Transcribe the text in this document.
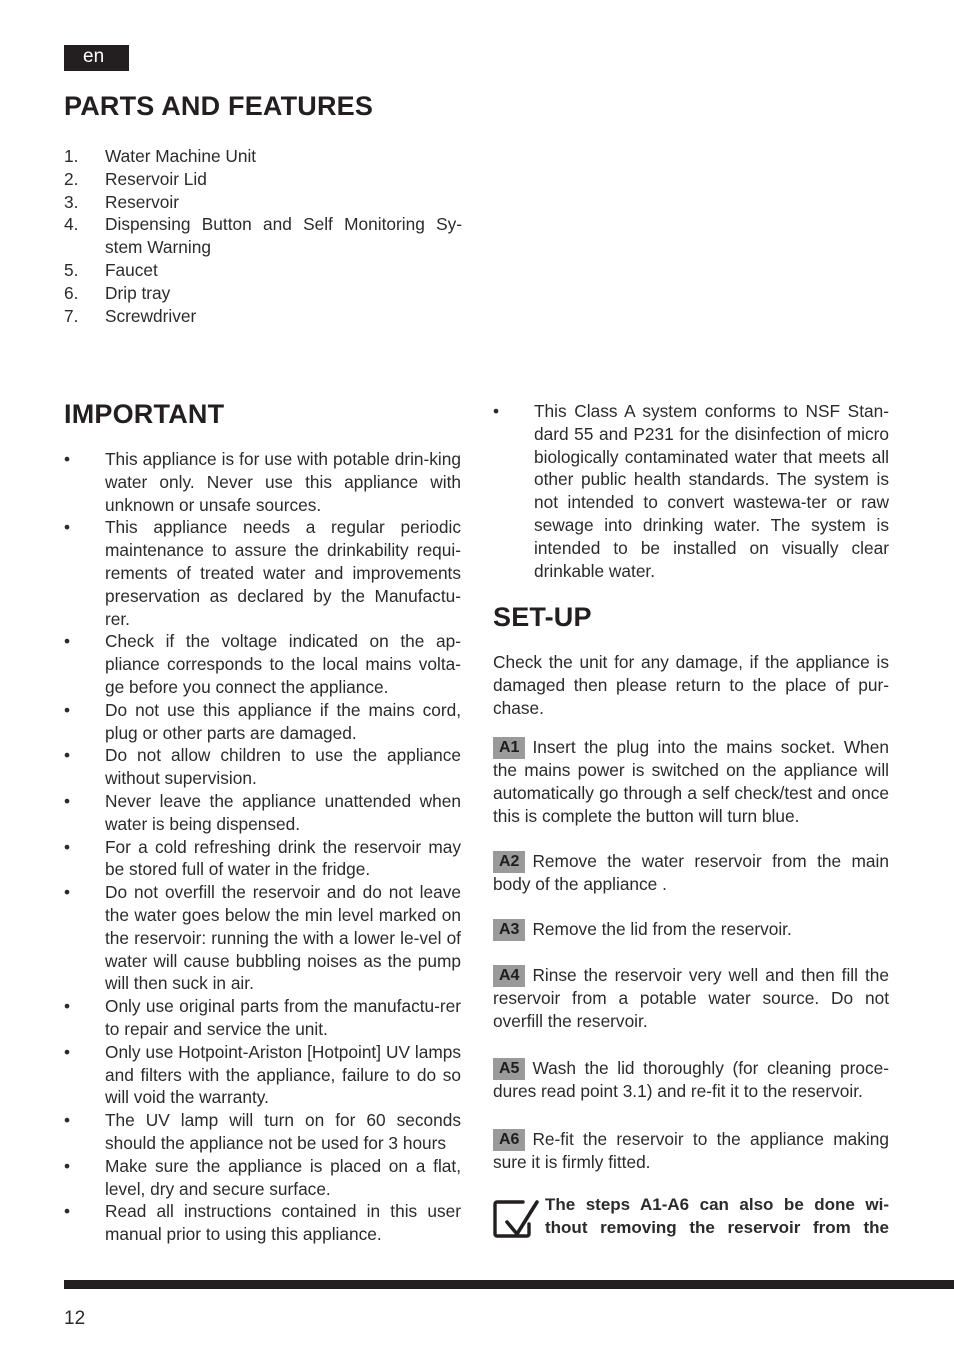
en
PARTS AND FEATURES
1. Water Machine Unit
2. Reservoir Lid
3. Reservoir
4. Dispensing Button and Self Monitoring Sy-stem Warning
5. Faucet
6. Drip tray
7. Screwdriver
IMPORTANT
• This appliance is for use with potable drin-king water only. Never use this appliance with unknown or unsafe sources.
• This appliance needs a regular periodic maintenance to assure the drinkability requi-rements of treated water and improvements preservation as declared by the Manufactu-rer.
• Check if the voltage indicated on the ap-pliance corresponds to the local mains volta-ge before you connect the appliance.
• Do not use this appliance if the mains cord, plug or other parts are damaged.
• Do not allow children to use the appliance without supervision.
• Never leave the appliance unattended when water is being dispensed.
• For a cold refreshing drink the reservoir may be stored full of water in the fridge.
• Do not overfill the reservoir and do not leave the water goes below the min level marked on the reservoir: running the with a lower le-vel of water will cause bubbling noises as the pump will then suck in air.
• Only use original parts from the manufactu-rer to repair and service the unit.
• Only use Hotpoint-Ariston [Hotpoint] UV lamps and filters with the appliance, failure to do so will void the warranty.
• The UV lamp will turn on for 60 seconds should the appliance not be used for 3 hours
• Make sure the appliance is placed on a flat, level, dry and secure surface.
• Read all instructions contained in this user manual prior to using this appliance.
• This Class A system conforms to NSF Stan-dard 55 and P231 for the disinfection of micro biologically contaminated water that meets all other public health standards. The system is not intended to convert wastewa-ter or raw sewage into drinking water. The system is intended to be installed on visually clear drinkable water.
SET-UP

Check the unit for any damage, if the appliance is damaged then please return to the place of pur-chase.

A1 Insert the plug into the mains socket. When the mains power is switched on the appliance will automatically go through a self check/test and once this is complete the button will turn blue.
A2 Remove the water reservoir from the main body of the appliance .
A3 Remove the lid from the reservoir.
A4 Rinse the reservoir very well and then fill the reservoir from a potable water source. Do not overfill the reservoir.
A5 Wash the lid thoroughly (for cleaning proce-dures read point 3.1) and re-fit it to the reservoir.
A6 Re-fit the reservoir to the appliance making sure it is firmly fitted.
The steps A1-A6 can also be done wi-thout removing the reservoir from the
12
